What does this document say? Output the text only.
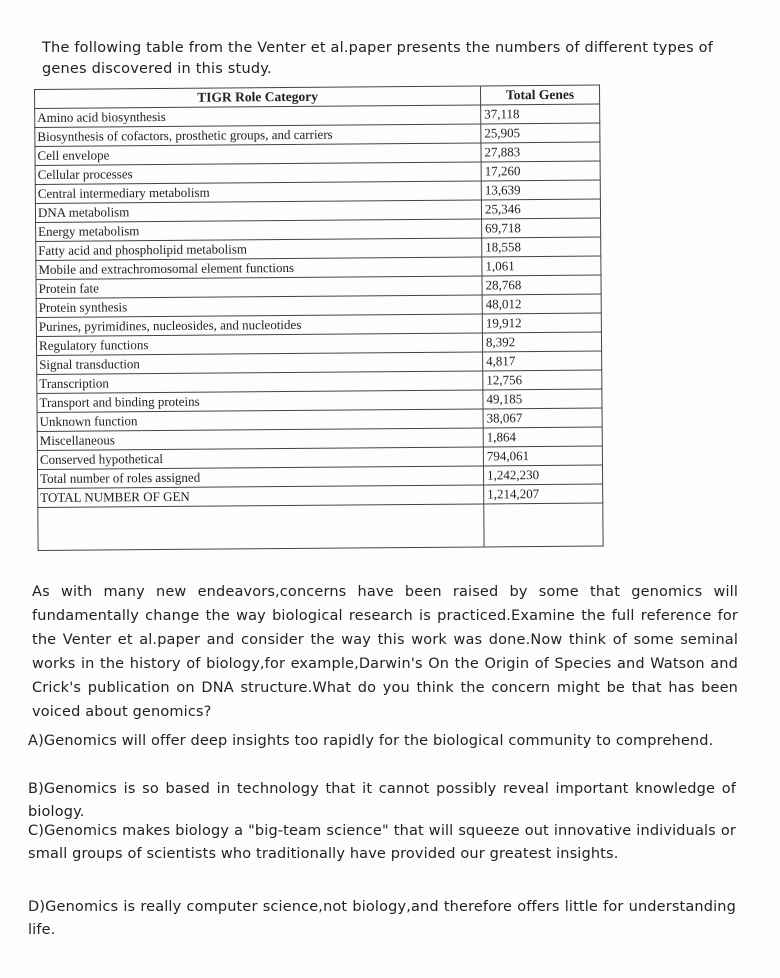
The following table from the Venter et al.paper presents the numbers of different types of genes discovered in this study.
TIGR Role Category	Total Genes
Amino acid biosynthesis	37,118
Biosynthesis of cofactors, prosthetic groups, and carriers	25,905
Cell envelope	27,883
Cellular processes	17,260
Central intermediary metabolism	13,639
DNA metabolism	25,346
Energy metabolism	69,718
Fatty acid and phospholipid metabolism	18,558
Mobile and extrachromosomal element functions	1,061
Protein fate	28,768
Protein synthesis	48,012
Purines, pyrimidines, nucleosides, and nucleotides	19,912
Regulatory functions	8,392
Signal transduction	4,817
Transcription	12,756
Transport and binding proteins	49,185
Unknown function	38,067
Miscellaneous	1,864
Conserved hypothetical	794,061
Total number of roles assigned	1,242,230
TOTAL NUMBER OF GEN	1,214,207

As with many new endeavors,concerns have been raised by some that genomics will fundamentally change the way biological research is practiced.Examine the full reference for the Venter et al.paper and consider the way this work was done.Now think of some seminal works in the history of biology,for example,Darwin's On the Origin of Species and Watson and Crick's publication on DNA structure.What do you think the concern might be that has been voiced about genomics?
A)Genomics will offer deep insights too rapidly for the biological community to comprehend.
B)Genomics is so based in technology that it cannot possibly reveal important knowledge of biology.
C)Genomics makes biology a "big-team science" that will squeeze out innovative individuals or small groups of scientists who traditionally have provided our greatest insights.
D)Genomics is really computer science,not biology,and therefore offers little for understanding life.
